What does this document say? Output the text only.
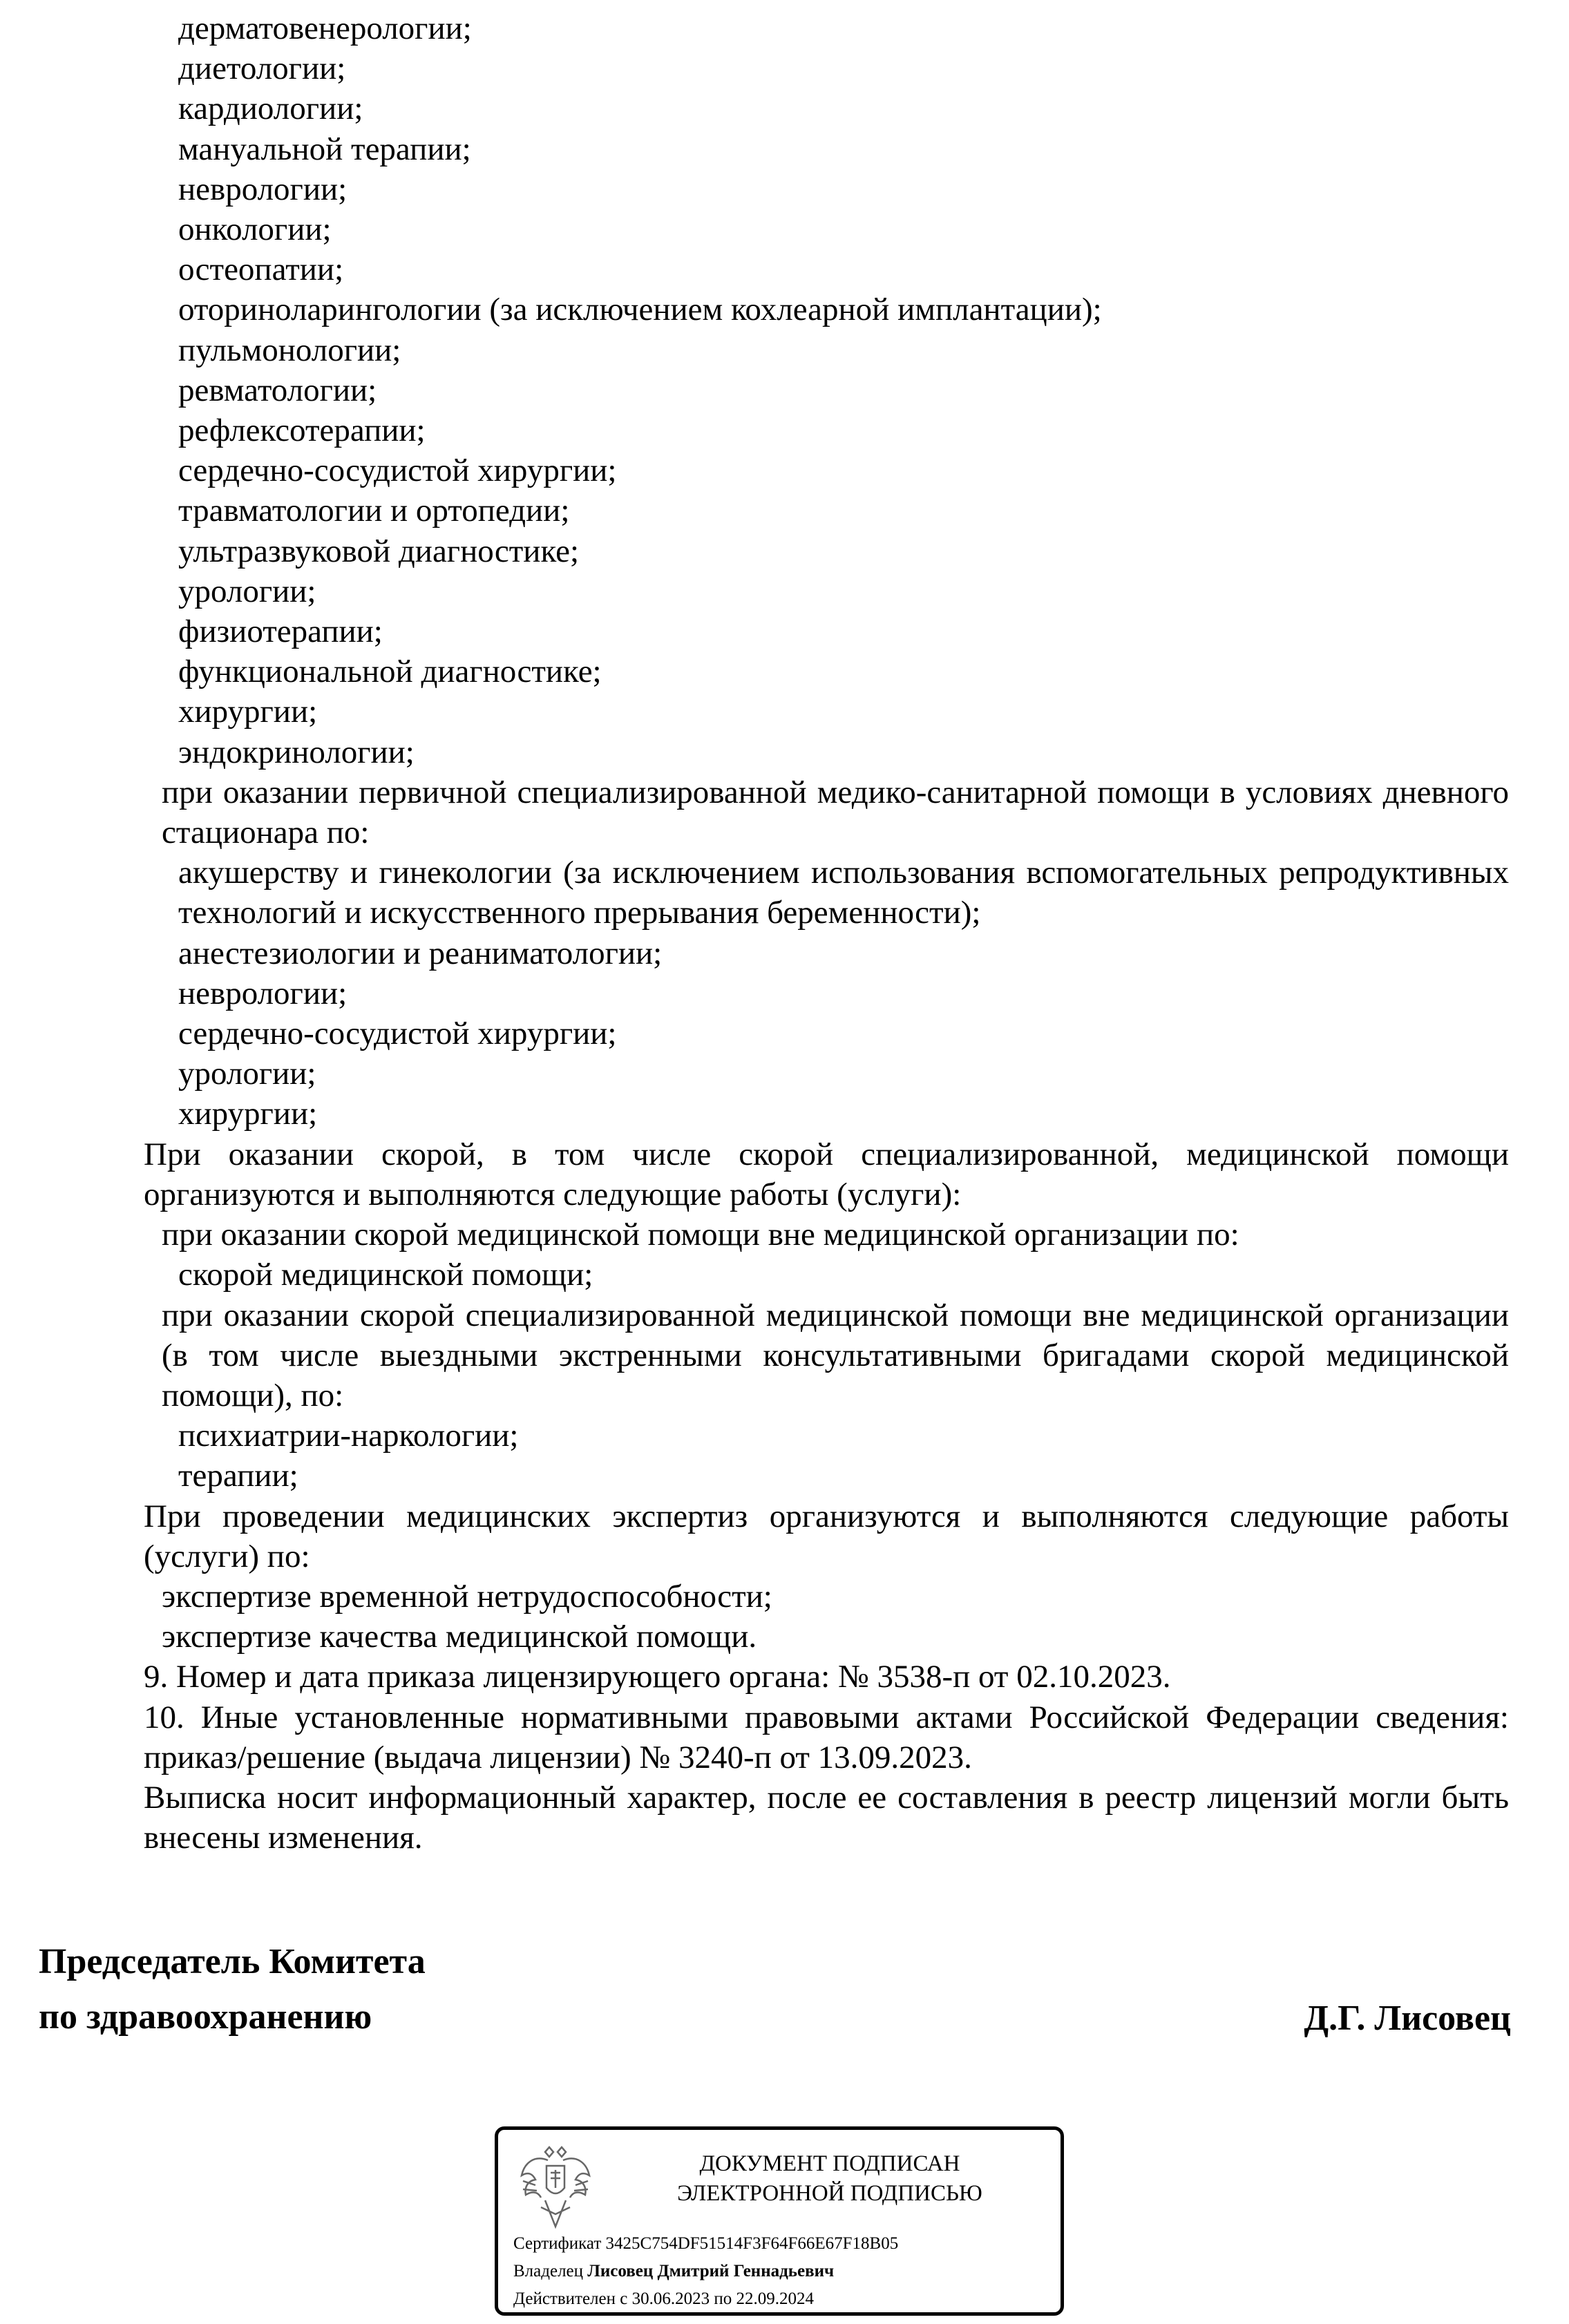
дерматовенерологии;

диетологии;

кардиологии;

мануальной терапии;

неврологии;

онкологии;

остеопатии;

оториноларингологии (за исключением кохлеарной имплантации);

пульмонологии;

ревматологии;

рефлексотерапии;

сердечно-сосудистой хирургии;

травматологии и ортопедии;

ультразвуковой диагностике;

урологии;

физиотерапии;

функциональной диагностике;

хирургии;

эндокринологии;

при оказании первичной специализированной медико-санитарной помощи в условиях дневного стационара по:

акушерству и гинекологии (за исключением использования вспомогательных репродуктивных технологий и искусственного прерывания беременности);

анестезиологии и реаниматологии;

неврологии;

сердечно-сосудистой хирургии;

урологии;

хирургии;

При оказании скорой, в том числе скорой специализированной, медицинской помощи организуются и выполняются следующие работы (услуги):

при оказании скорой медицинской помощи вне медицинской организации по:

скорой медицинской помощи;

при оказании скорой специализированной медицинской помощи вне медицинской организации (в том числе выездными экстренными консультативными бригадами скорой медицинской помощи), по:

психиатрии-наркологии;

терапии;

При проведении медицинских экспертиз организуются и выполняются следующие работы (услуги) по:

экспертизе временной нетрудоспособности;

экспертизе качества медицинской помощи.

9. Номер и дата приказа лицензирующего органа: № 3538-п от 02.10.2023.

10. Иные установленные нормативными правовыми актами Российской Федерации сведения: приказ/решение (выдача лицензии) № 3240-п от 13.09.2023.

Выписка носит информационный характер, после ее составления в реестр лицензий могли быть внесены изменения.

Председатель Комитета
по здравоохранению	Д.Г. Лисовец
ДОКУМЕНТ ПОДПИСАН
ЭЛЕКТРОННОЙ ПОДПИСЬЮ
Сертификат 3425C754DF51514F3F64F66E67F18B05
Владелец Лисовец Дмитрий Геннадьевич
Действителен с 30.06.2023 по 22.09.2024
